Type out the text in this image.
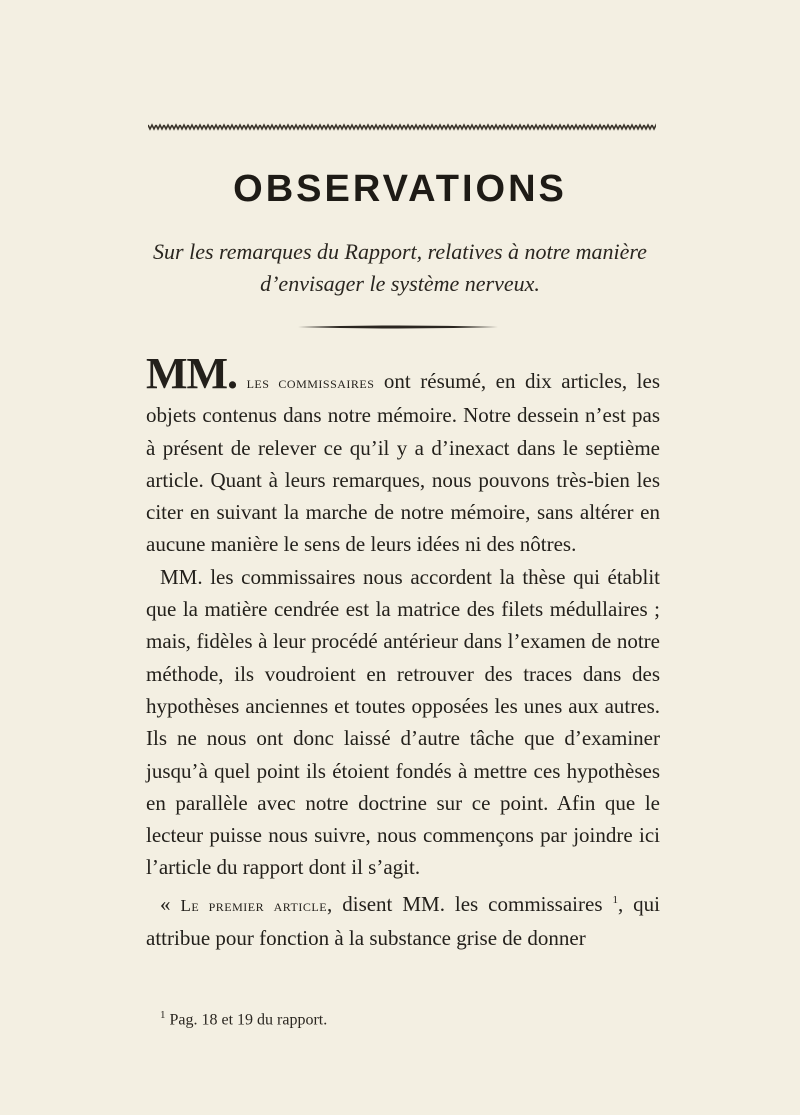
OBSERVATIONS
Sur les remarques du Rapport, relatives à notre manière
d’envisager le système nerveux.

MM. les commissaires ont résumé, en dix articles, les objets contenus dans notre mémoire. Notre dessein n’est pas à présent de relever ce qu’il y a d’inexact dans le septième article. Quant à leurs remarques, nous pouvons très-bien les citer en suivant la marche de notre mémoire, sans altérer en aucune manière le sens de leurs idées ni des nôtres.

MM. les commissaires nous accordent la thèse qui établit que la matière cendrée est la matrice des filets médullaires ; mais, fidèles à leur procédé antérieur dans l’examen de notre méthode, ils voudroient en retrouver des traces dans des hypothèses anciennes et toutes opposées les unes aux autres. Ils ne nous ont donc laissé d’autre tâche que d’examiner jusqu’à quel point ils étoient fondés à mettre ces hypothèses en parallèle avec notre doctrine sur ce point. Afin que le lecteur puisse nous suivre, nous commençons par joindre ici l’article du rapport dont il s’agit.

« Le premier article, disent MM. les commissaires $^1$, qui attribue pour fonction à la substance grise de donner

$^1$ Pag. 18 et 19 du rapport.
